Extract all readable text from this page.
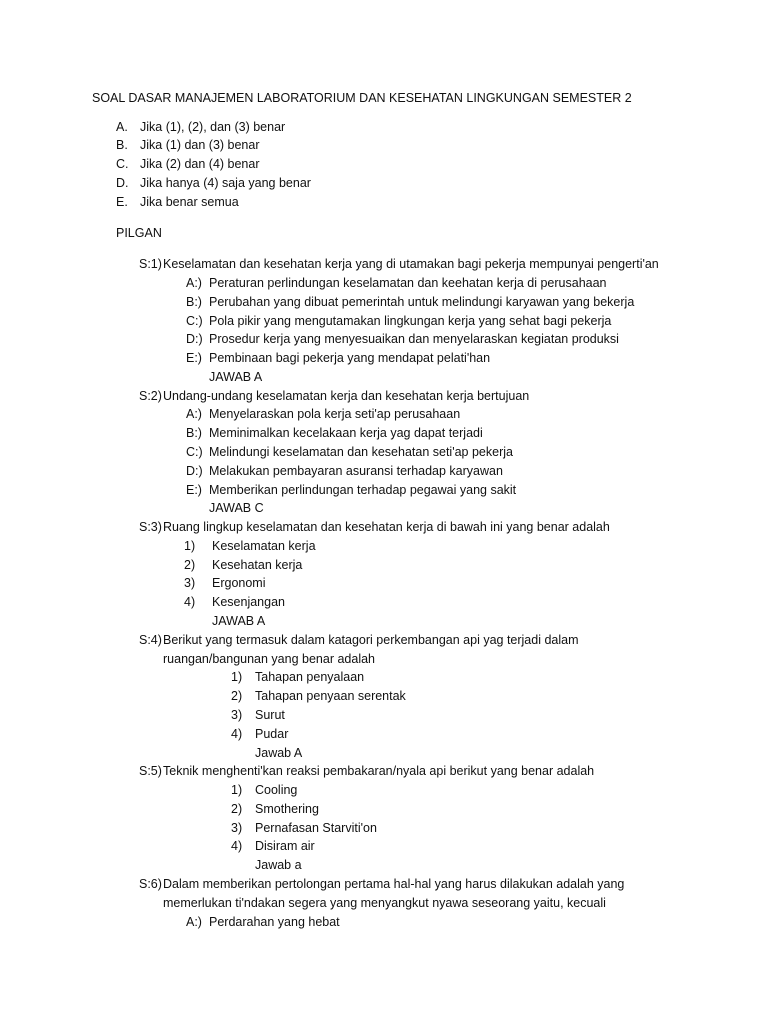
SOAL DASAR MANAJEMEN LABORATORIUM DAN KESEHATAN LINGKUNGAN SEMESTER 2
A. Jika (1), (2), dan (3) benar
B. Jika (1) dan (3) benar
C. Jika (2) dan (4) benar
D. Jika hanya (4) saja yang benar
E. Jika benar semua
PILGAN
S:1) Keselamatan dan kesehatan kerja yang di utamakan bagi pekerja mempunyai pengerti'an
A:) Peraturan perlindungan keselamatan dan keehatan kerja di perusahaan
B:) Perubahan yang dibuat pemerintah untuk melindungi karyawan yang bekerja
C:) Pola pikir yang mengutamakan lingkungan kerja yang sehat bagi pekerja
D:) Prosedur kerja yang menyesuaikan dan menyelaraskan kegiatan produksi
E:) Pembinaan bagi pekerja yang mendapat pelati'han
JAWAB A
S:2) Undang-undang keselamatan kerja dan kesehatan kerja bertujuan
A:) Menyelaraskan pola kerja seti'ap perusahaan
B:) Meminimalkan kecelakaan kerja yag dapat terjadi
C:) Melindungi keselamatan dan kesehatan seti'ap pekerja
D:) Melakukan pembayaran asuransi terhadap karyawan
E:) Memberikan perlindungan terhadap pegawai yang sakit
JAWAB C
S:3) Ruang lingkup keselamatan dan kesehatan kerja di bawah ini yang benar adalah
1) Keselamatan kerja
2) Kesehatan kerja
3) Ergonomi
4) Kesenjangan
JAWAB A
S:4) Berikut yang termasuk dalam katagori perkembangan api yag terjadi dalam
ruangan/bangunan yang benar adalah
1) Tahapan penyalaan
2) Tahapan penyaan serentak
3) Surut
4) Pudar
Jawab A
S:5) Teknik menghenti'kan reaksi pembakaran/nyala api berikut yang benar adalah
1) Cooling
2) Smothering
3) Pernafasan Starviti'on
4) Disiram air
Jawab a
S:6) Dalam memberikan pertolongan pertama hal-hal yang harus dilakukan adalah yang
memerlukan ti'ndakan segera yang menyangkut nyawa seseorang yaitu, kecuali
A:) Perdarahan yang hebat
